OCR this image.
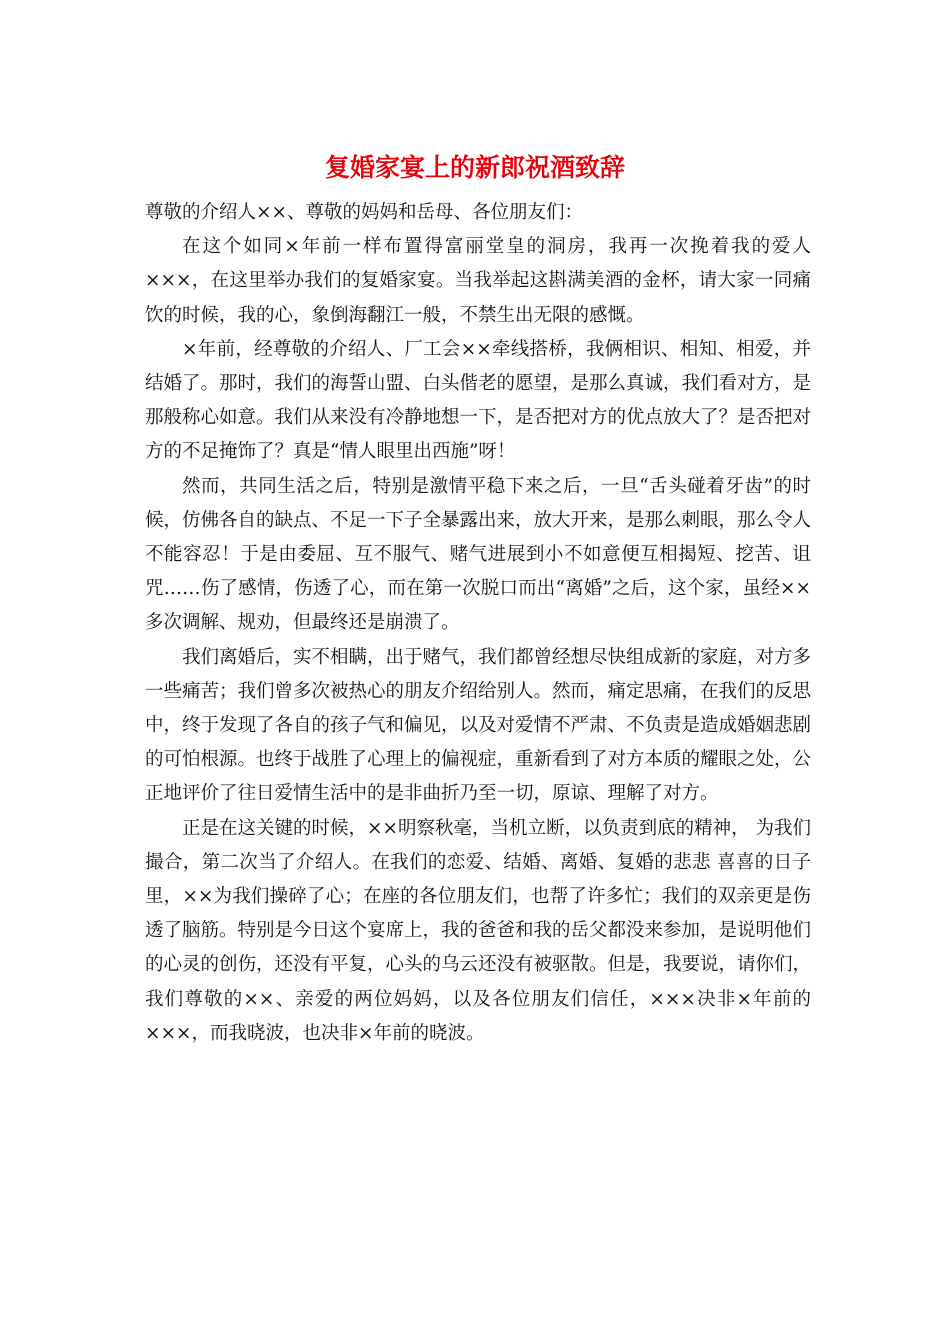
复婚家宴上的新郎祝酒致辞

尊敬的介绍人××、尊敬的妈妈和岳母、各位朋友们：

在这个如同×年前一样布置得富丽堂皇的洞房，我再一次挽着我的爱人×××，在这里举办我们的复婚家宴。当我举起这斟满美酒的金杯，请大家一同痛饮的时候，我的心，象倒海翻江一般，不禁生出无限的感慨。

×年前，经尊敬的介绍人、厂工会××牵线搭桥，我俩相识、相知、相爱，并结婚了。那时，我们的海誓山盟、白头偕老的愿望，是那么真诚，我们看对方，是那般称心如意。我们从来没有冷静地想一下，是否把对方的优点放大了？是否把对方的不足掩饰了？真是“情人眼里出西施”呀！

然而，共同生活之后，特别是激情平稳下来之后，一旦“舌头碰着牙齿”的时候，仿佛各自的缺点、不足一下子全暴露出来，放大开来，是那么刺眼，那么令人不能容忍！于是由委屈、互不服气、赌气进展到小不如意便互相揭短、挖苦、诅咒……伤了感情，伤透了心，而在第一次脱口而出“离婚”之后，这个家，虽经××多次调解、规劝，但最终还是崩溃了。

我们离婚后，实不相瞒，出于赌气，我们都曾经想尽快组成新的家庭，对方多一些痛苦；我们曾多次被热心的朋友介绍给别人。然而，痛定思痛，在我们的反思中，终于发现了各自的孩子气和偏见，以及对爱情不严肃、不负责是造成婚姻悲剧的可怕根源。也终于战胜了心理上的偏视症，重新看到了对方本质的耀眼之处，公正地评价了往日爱情生活中的是非曲折乃至一切，原谅、理解了对方。

正是在这关键的时候，××明察秋毫，当机立断，以负责到底的精神， 为我们撮合，第二次当了介绍人。在我们的恋爱、结婚、离婚、复婚的悲悲 喜喜的日子里，××为我们操碎了心；在座的各位朋友们，也帮了许多忙；我们的双亲更是伤透了脑筋。特别是今日这个宴席上，我的爸爸和我的岳父都没来参加，是说明他们的心灵的创伤，还没有平复，心头的乌云还没有被驱散。但是，我要说，请你们，我们尊敬的××、亲爱的两位妈妈，以及各位朋友们信任，×××决非×年前的×××，而我晓波，也决非×年前的晓波。
